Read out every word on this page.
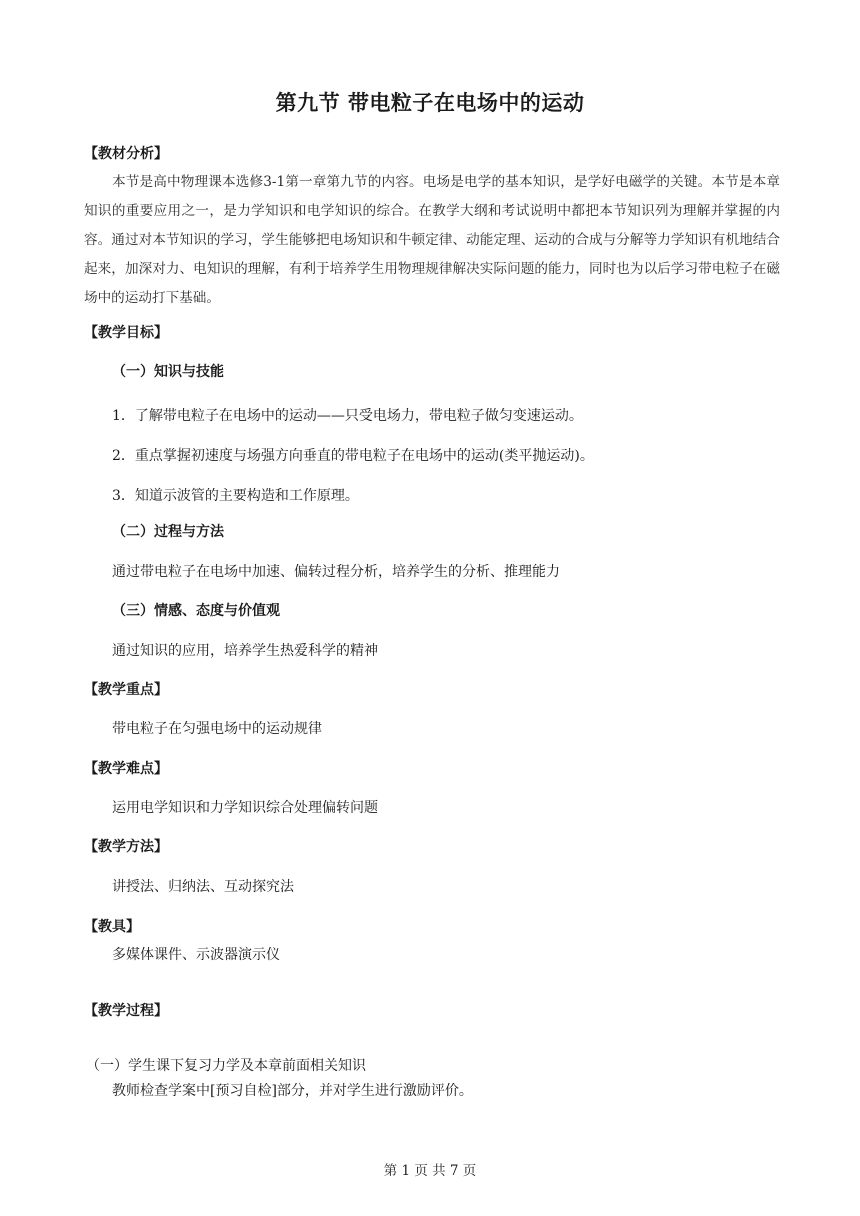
第九节 带电粒子在电场中的运动
【教材分析】
本节是高中物理课本选修3-1第一章第九节的内容。电场是电学的基本知识，是学好电磁学的关键。本节是本章知识的重要应用之一，是力学知识和电学知识的综合。在教学大纲和考试说明中都把本节知识列为理解并掌握的内容。通过对本节知识的学习，学生能够把电场知识和牛顿定律、动能定理、运动的合成与分解等力学知识有机地结合起来，加深对力、电知识的理解，有利于培养学生用物理规律解决实际问题的能力，同时也为以后学习带电粒子在磁场中的运动打下基础。
【教学目标】
（一）知识与技能
1．了解带电粒子在电场中的运动——只受电场力，带电粒子做匀变速运动。
2．重点掌握初速度与场强方向垂直的带电粒子在电场中的运动(类平抛运动)。
3．知道示波管的主要构造和工作原理。
（二）过程与方法
通过带电粒子在电场中加速、偏转过程分析，培养学生的分析、推理能力
（三）情感、态度与价值观
通过知识的应用，培养学生热爱科学的精神
【教学重点】
带电粒子在匀强电场中的运动规律
【教学难点】
运用电学知识和力学知识综合处理偏转问题
【教学方法】
讲授法、归纳法、互动探究法
【教具】
多媒体课件、示波器演示仪
【教学过程】
（一）学生课下复习力学及本章前面相关知识
教师检查学案中[预习自检]部分，并对学生进行激励评价。
第 1 页 共 7 页
